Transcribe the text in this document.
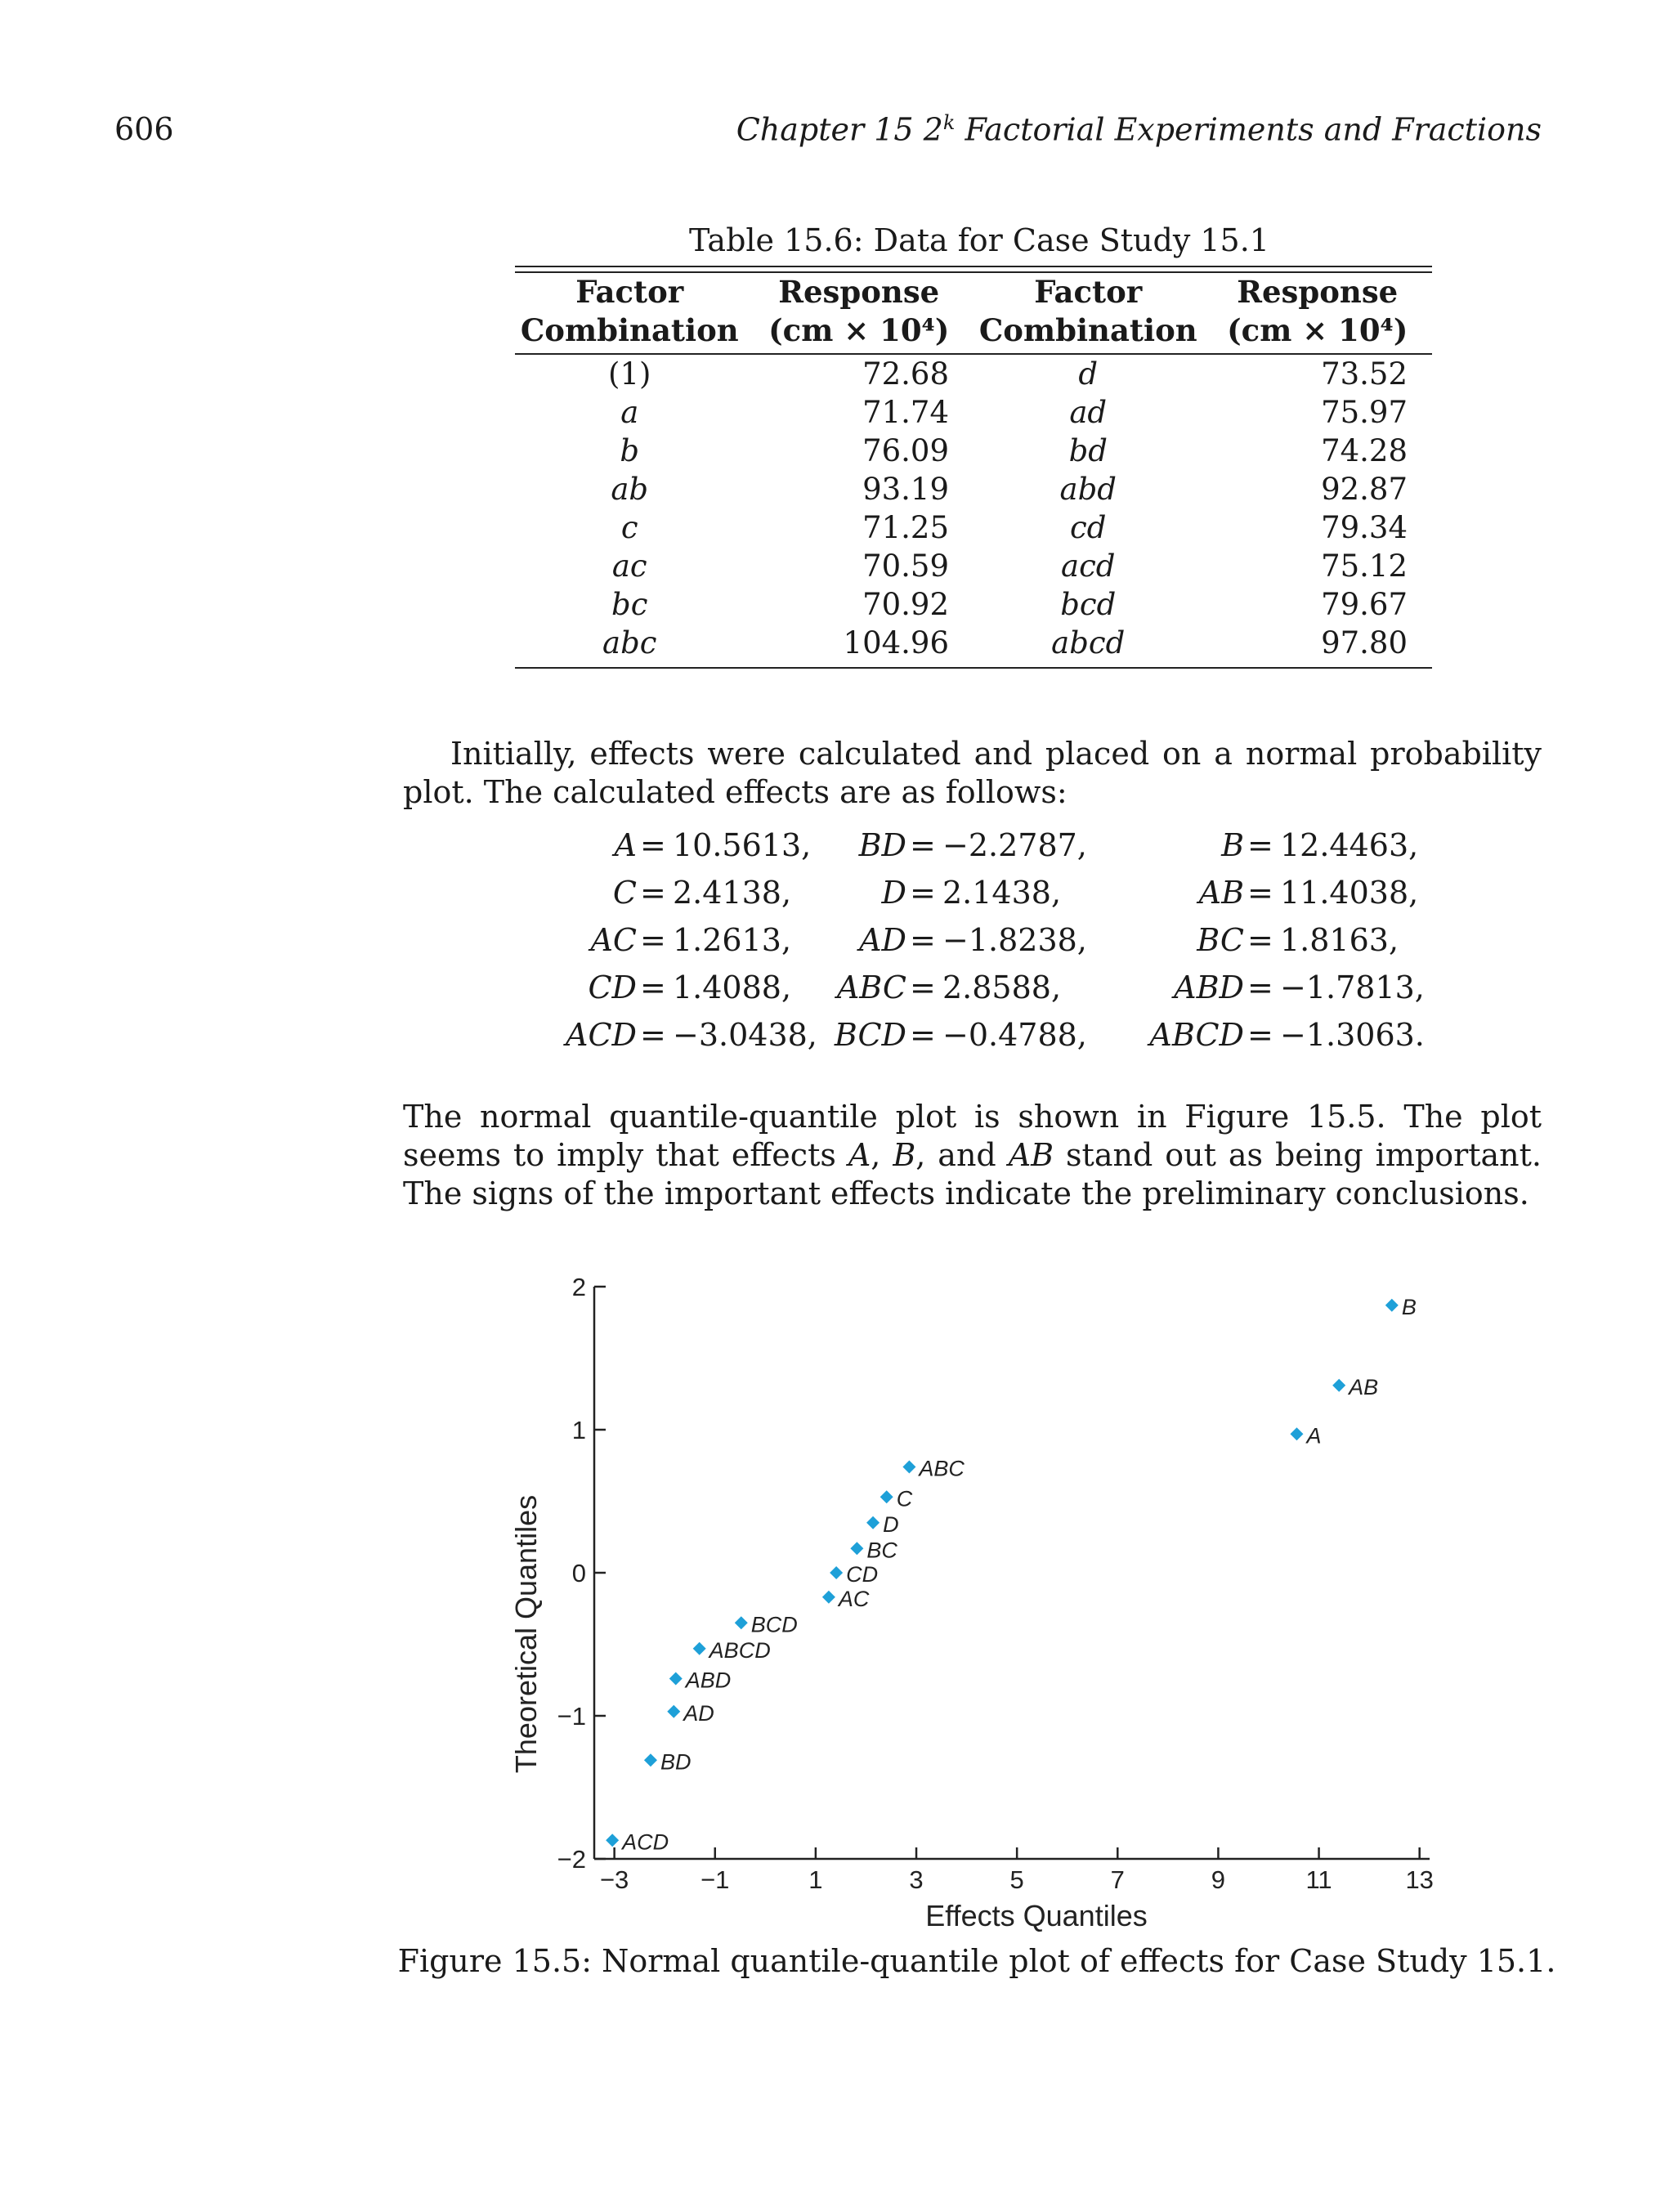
606	Chapter 15 2$^k$ Factorial Experiments and Fractions
Table 15.6: Data for Case Study 15.1
Factor	Response	Factor	Response
Combination	(cm × 10⁴)	Combination	(cm × 10⁴)
(1)	72.68	d	73.52
a	71.74	ad	75.97
b	76.09	bd	74.28
ab	93.19	abd	92.87
c	71.25	cd	79.34
ac	70.59	acd	75.12
bc	70.92	bcd	79.67
abc	104.96	abcd	97.80
Initially, effects were calculated and placed on a normal probability plot. The calculated effects are as follows:
A = 10.5613, BD = −2.2787,	B = 12.4463,
C = 2.4138,	D = 2.1438,	AB = 11.4038,
AC = 1.2613, AD = −1.8238,	BC = 1.8163,
CD = 1.4088, ABC = 2.8588,	ABD = −1.7813,
ACD = −3.0438, BCD = −0.4788, ABCD = −1.3063.
The normal quantile-quantile plot is shown in Figure 15.5. The plot seems to imply that effects A, B, and AB stand out as being important. The signs of the important effects indicate the preliminary conclusions.
−3	−1	1	3	5	7	9	11	13
−2
−1
0
1
2
Effects Quantiles
Theoretical Quantiles
ACD
BD
AD
ABD
ABCD
BCD
AC
CD
BC
D
C
ABC
A
AB
B
Figure 15.5: Normal quantile-quantile plot of effects for Case Study 15.1.
